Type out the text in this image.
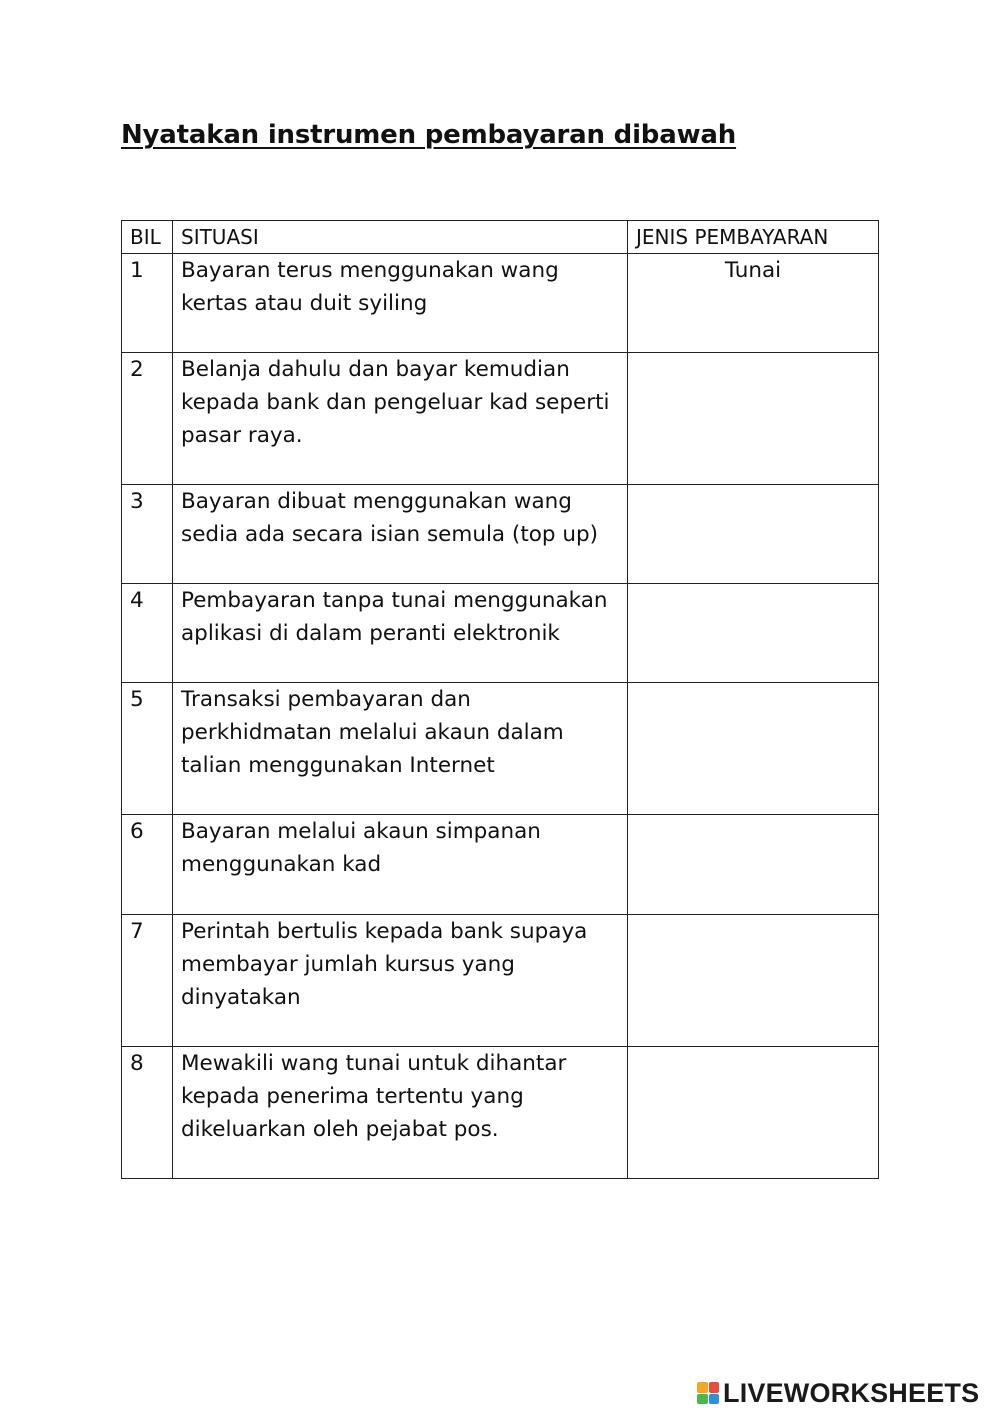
Nyatakan instrumen pembayaran dibawah
BIL	SITUASI	JENIS PEMBAYARAN
1	Bayaran terus menggunakan wang kertas atau duit syiling	Tunai
2	Belanja dahulu dan bayar kemudian kepada bank dan pengeluar kad seperti pasar raya.	
3	Bayaran dibuat menggunakan wang sedia ada secara isian semula (top up)	
4	Pembayaran tanpa tunai menggunakan aplikasi di dalam peranti elektronik	
5	Transaksi pembayaran dan perkhidmatan melalui akaun dalam talian menggunakan Internet	
6	Bayaran melalui akaun simpanan menggunakan kad	
7	Perintah bertulis kepada bank supaya membayar jumlah kursus yang dinyatakan	
8	Mewakili wang tunai untuk dihantar kepada penerima tertentu yang dikeluarkan oleh pejabat pos.	
LIVEWORKSHEETS
